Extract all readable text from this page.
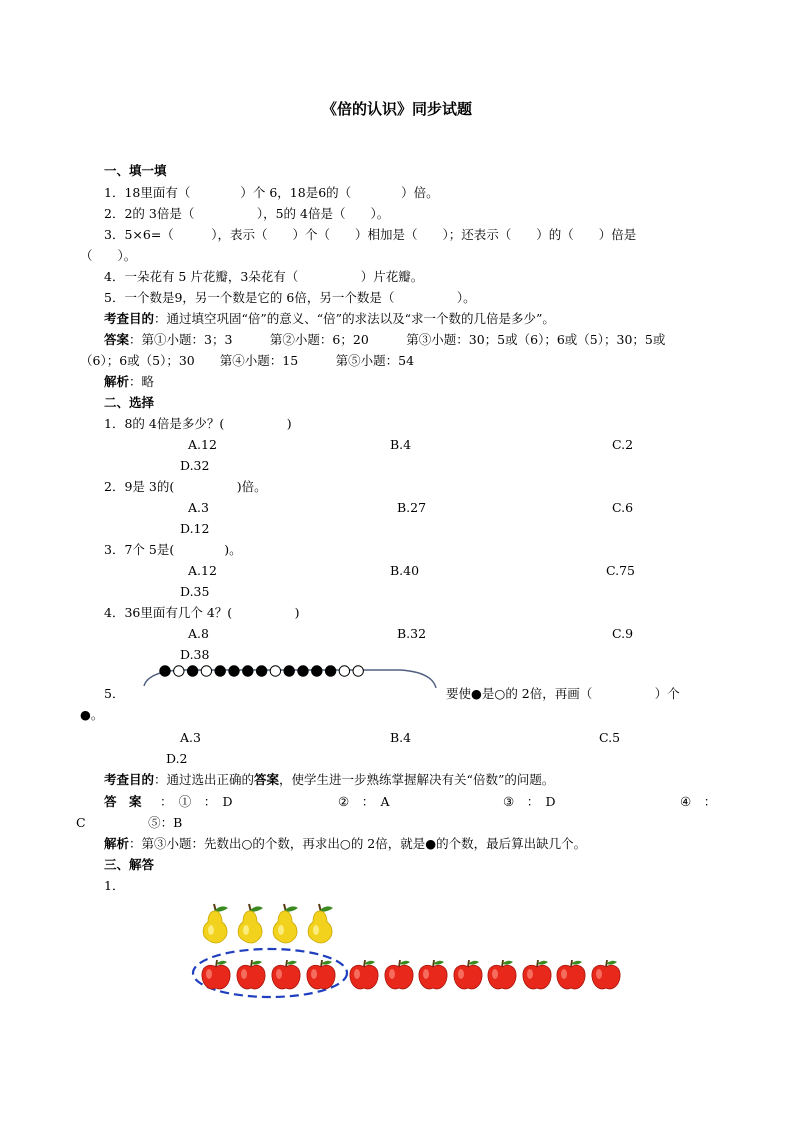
《倍的认识》同步试题
一、填一填
1．18里面有（　　　　）个 6，18是6的（　　　　）倍。
2．2的 3倍是（　　　　　），5的 4倍是（　　）。
3．5×6=（　　　），表示（　　）个（　　）相加是（　　）；还表示（　　）的（　　）倍是
（　　）。
4．一朵花有 5 片花瓣，3朵花有（　　　　　）片花瓣。
5．一个数是9，另一个数是它的 6倍，另一个数是（　　　　　）。
考查目的：通过填空巩固“倍”的意义、“倍”的求法以及“求一个数的几倍是多少”。
答案：第①小题：3；3　　　第②小题：6；20　　　第③小题：30；5或（6）；6或（5）；30；5或
（6）；6或（5）；30　　第④小题：15　　　第⑤小题：54
解析：略
二、选择
1．8的 4倍是多少？(　　　　　)
A.12	B.4	C.2
D.32
2．9是 3的(　　　　　)倍。
A.3	B.27	C.6
D.12
3．7个 5是(　　　　)。
A.12	B.40	C.75
D.35
4．36里面有几个 4？(　　　　　)
A.8	B.32	C.9
D.38
5．	要使●是○的 2倍，再画（　　　　　）个
●。
A.3	B.4	C.5
D.2
考查目的：通过选出正确的答案，使学生进一步熟练掌握解决有关“倍数”的问题。
答　案 ：　①　：　D	②　：　A	③　：　D	④　：
C　　　　　⑤：B
解析：第③小题：先数出○的个数，再求出○的 2倍，就是●的个数，最后算出缺几个。
三、解答
1．
